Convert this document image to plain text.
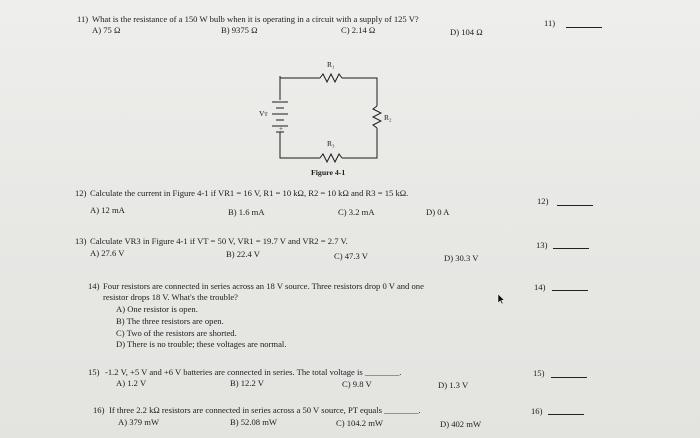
11) What is the resistance of a 150 W bulb when it is operating in a circuit with a supply of 125 V?
A) 75 Ω	B) 9375 Ω	C) 2.14 Ω	D) 104 Ω
11)
R₁
R₂
R₃
Vᴛ
+
Figure 4-1
12) Calculate the current in Figure 4-1 if VR1 = 16 V, R1 = 10 kΩ, R2 = 10 kΩ and R3 = 15 kΩ.
A) 12 mA	B) 1.6 mA	C) 3.2 mA	D) 0 A
12)
13) Calculate VR3 in Figure 4-1 if VT = 50 V, VR1 = 19.7 V and VR2 = 2.7 V.
A) 27.6 V	B) 22.4 V	C) 47.3 V	D) 30.3 V
13)
14) Four resistors are connected in series across an 18 V source. Three resistors drop 0 V and one
resistor drops 18 V. What's the trouble?
A) One resistor is open.
B) The three resistors are open.
C) Two of the resistors are shorted.
D) There is no trouble; these voltages are normal.
14)
15) -1.2 V, +5 V and +6 V batteries are connected in series. The total voltage is ________.
A) 1.2 V	B) 12.2 V	C) 9.8 V	D) 1.3 V
15)
16) If three 2.2 kΩ resistors are connected in series across a 50 V source, PT equals ________.
A) 379 mW	B) 52.08 mW	C) 104.2 mW	D) 402 mW
16)
